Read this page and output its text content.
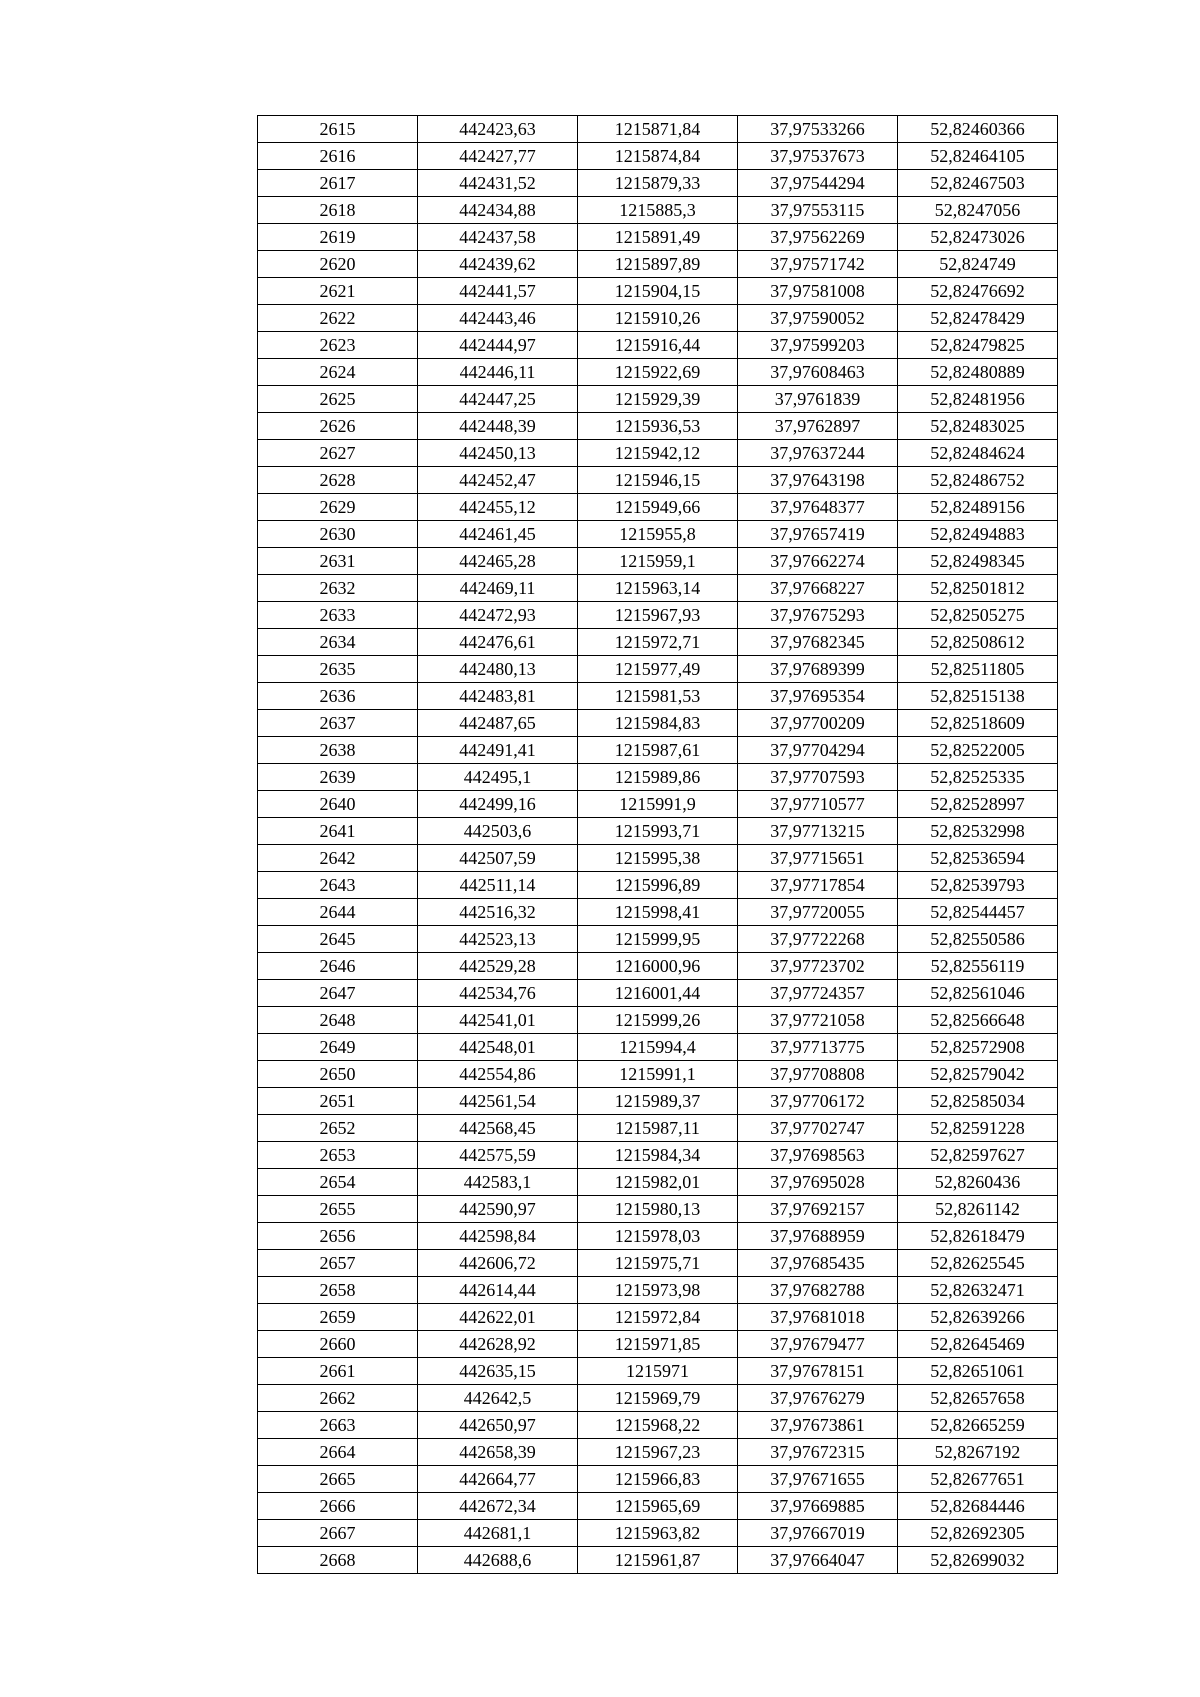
2615	442423,63	1215871,84	37,97533266	52,82460366
2616	442427,77	1215874,84	37,97537673	52,82464105
2617	442431,52	1215879,33	37,97544294	52,82467503
2618	442434,88	1215885,3	37,97553115	52,8247056
2619	442437,58	1215891,49	37,97562269	52,82473026
2620	442439,62	1215897,89	37,97571742	52,824749
2621	442441,57	1215904,15	37,97581008	52,82476692
2622	442443,46	1215910,26	37,97590052	52,82478429
2623	442444,97	1215916,44	37,97599203	52,82479825
2624	442446,11	1215922,69	37,97608463	52,82480889
2625	442447,25	1215929,39	37,9761839	52,82481956
2626	442448,39	1215936,53	37,9762897	52,82483025
2627	442450,13	1215942,12	37,97637244	52,82484624
2628	442452,47	1215946,15	37,97643198	52,82486752
2629	442455,12	1215949,66	37,97648377	52,82489156
2630	442461,45	1215955,8	37,97657419	52,82494883
2631	442465,28	1215959,1	37,97662274	52,82498345
2632	442469,11	1215963,14	37,97668227	52,82501812
2633	442472,93	1215967,93	37,97675293	52,82505275
2634	442476,61	1215972,71	37,97682345	52,82508612
2635	442480,13	1215977,49	37,97689399	52,82511805
2636	442483,81	1215981,53	37,97695354	52,82515138
2637	442487,65	1215984,83	37,97700209	52,82518609
2638	442491,41	1215987,61	37,97704294	52,82522005
2639	442495,1	1215989,86	37,97707593	52,82525335
2640	442499,16	1215991,9	37,97710577	52,82528997
2641	442503,6	1215993,71	37,97713215	52,82532998
2642	442507,59	1215995,38	37,97715651	52,82536594
2643	442511,14	1215996,89	37,97717854	52,82539793
2644	442516,32	1215998,41	37,97720055	52,82544457
2645	442523,13	1215999,95	37,97722268	52,82550586
2646	442529,28	1216000,96	37,97723702	52,82556119
2647	442534,76	1216001,44	37,97724357	52,82561046
2648	442541,01	1215999,26	37,97721058	52,82566648
2649	442548,01	1215994,4	37,97713775	52,82572908
2650	442554,86	1215991,1	37,97708808	52,82579042
2651	442561,54	1215989,37	37,97706172	52,82585034
2652	442568,45	1215987,11	37,97702747	52,82591228
2653	442575,59	1215984,34	37,97698563	52,82597627
2654	442583,1	1215982,01	37,97695028	52,8260436
2655	442590,97	1215980,13	37,97692157	52,8261142
2656	442598,84	1215978,03	37,97688959	52,82618479
2657	442606,72	1215975,71	37,97685435	52,82625545
2658	442614,44	1215973,98	37,97682788	52,82632471
2659	442622,01	1215972,84	37,97681018	52,82639266
2660	442628,92	1215971,85	37,97679477	52,82645469
2661	442635,15	1215971	37,97678151	52,82651061
2662	442642,5	1215969,79	37,97676279	52,82657658
2663	442650,97	1215968,22	37,97673861	52,82665259
2664	442658,39	1215967,23	37,97672315	52,8267192
2665	442664,77	1215966,83	37,97671655	52,82677651
2666	442672,34	1215965,69	37,97669885	52,82684446
2667	442681,1	1215963,82	37,97667019	52,82692305
2668	442688,6	1215961,87	37,97664047	52,82699032
